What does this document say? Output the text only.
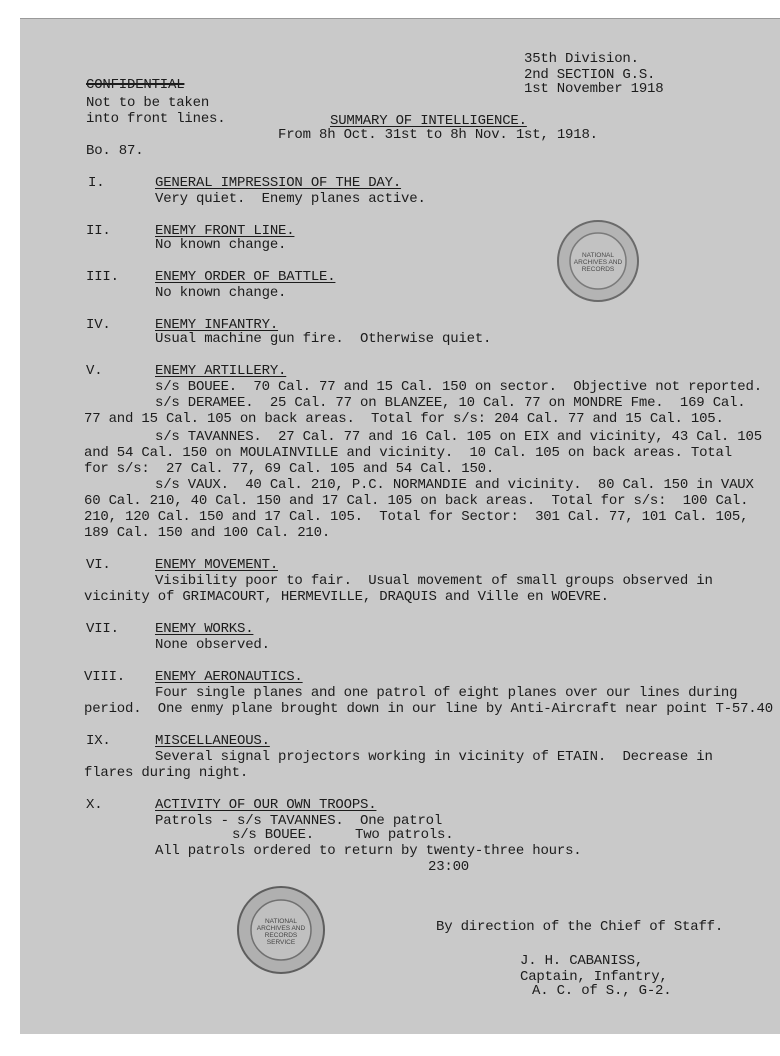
35th Division.
2nd SECTION G.S.
1st November 1918
CONFIDENTIAL
Not to be taken
into front lines.	SUMMARY OF INTELLIGENCE.
From 8h Oct. 31st to 8h Nov. 1st, 1918.
Bo. 87.
I.	GENERAL IMPRESSION OF THE DAY.
Very quiet.  Enemy planes active.
II.	ENEMY FRONT LINE.
No known change.
III.	ENEMY ORDER OF BATTLE.
No known change.
IV.	ENEMY INFANTRY.
Usual machine gun fire.  Otherwise quiet.
V.	ENEMY ARTILLERY.
s/s BOUEE.  70 Cal. 77 and 15 Cal. 150 on sector.  Objective not reported.
s/s DERAMEE.  25 Cal. 77 on BLANZEE, 10 Cal. 77 on MONDRE Fme.  169 Cal.
77 and 15 Cal. 105 on back areas.  Total for s/s: 204 Cal. 77 and 15 Cal. 105.
s/s TAVANNES.  27 Cal. 77 and 16 Cal. 105 on EIX and vicinity, 43 Cal. 105
and 54 Cal. 150 on MOULAINVILLE and vicinity.  10 Cal. 105 on back areas. Total
for s/s:  27 Cal. 77, 69 Cal. 105 and 54 Cal. 150.
s/s VAUX.  40 Cal. 210, P.C. NORMANDIE and vicinity.  80 Cal. 150 in VAUX
60 Cal. 210, 40 Cal. 150 and 17 Cal. 105 on back areas.  Total for s/s:  100 Cal.
210, 120 Cal. 150 and 17 Cal. 105.  Total for Sector:  301 Cal. 77, 101 Cal. 105,
189 Cal. 150 and 100 Cal. 210.
VI.	ENEMY MOVEMENT.
Visibility poor to fair.  Usual movement of small groups observed in
vicinity of GRIMACOURT, HERMEVILLE, DRAQUIS and Ville en WOEVRE.
VII.	ENEMY WORKS.
None observed.
VIII. ENEMY AERONAUTICS.
Four single planes and one patrol of eight planes over our lines during
period.  One enmy plane brought down in our line by Anti-Aircraft near point T-57.40
IX.	MISCELLANEOUS.
Several signal projectors working in vicinity of ETAIN.  Decrease in
flares during night.
X.	ACTIVITY OF OUR OWN TROOPS.
Patrols - s/s TAVANNES.  One patrol
s/s BOUEE.     Two patrols.
All patrols ordered to return by twenty-three hours.
23:00
By direction of the Chief of Staff.
J. H. CABANISS,
Captain, Infantry,
A. C. of S., G-2.
NATIONAL
ARCHIVES AND
RECORDS
NATIONAL
ARCHIVES AND
RECORDS
SERVICE
